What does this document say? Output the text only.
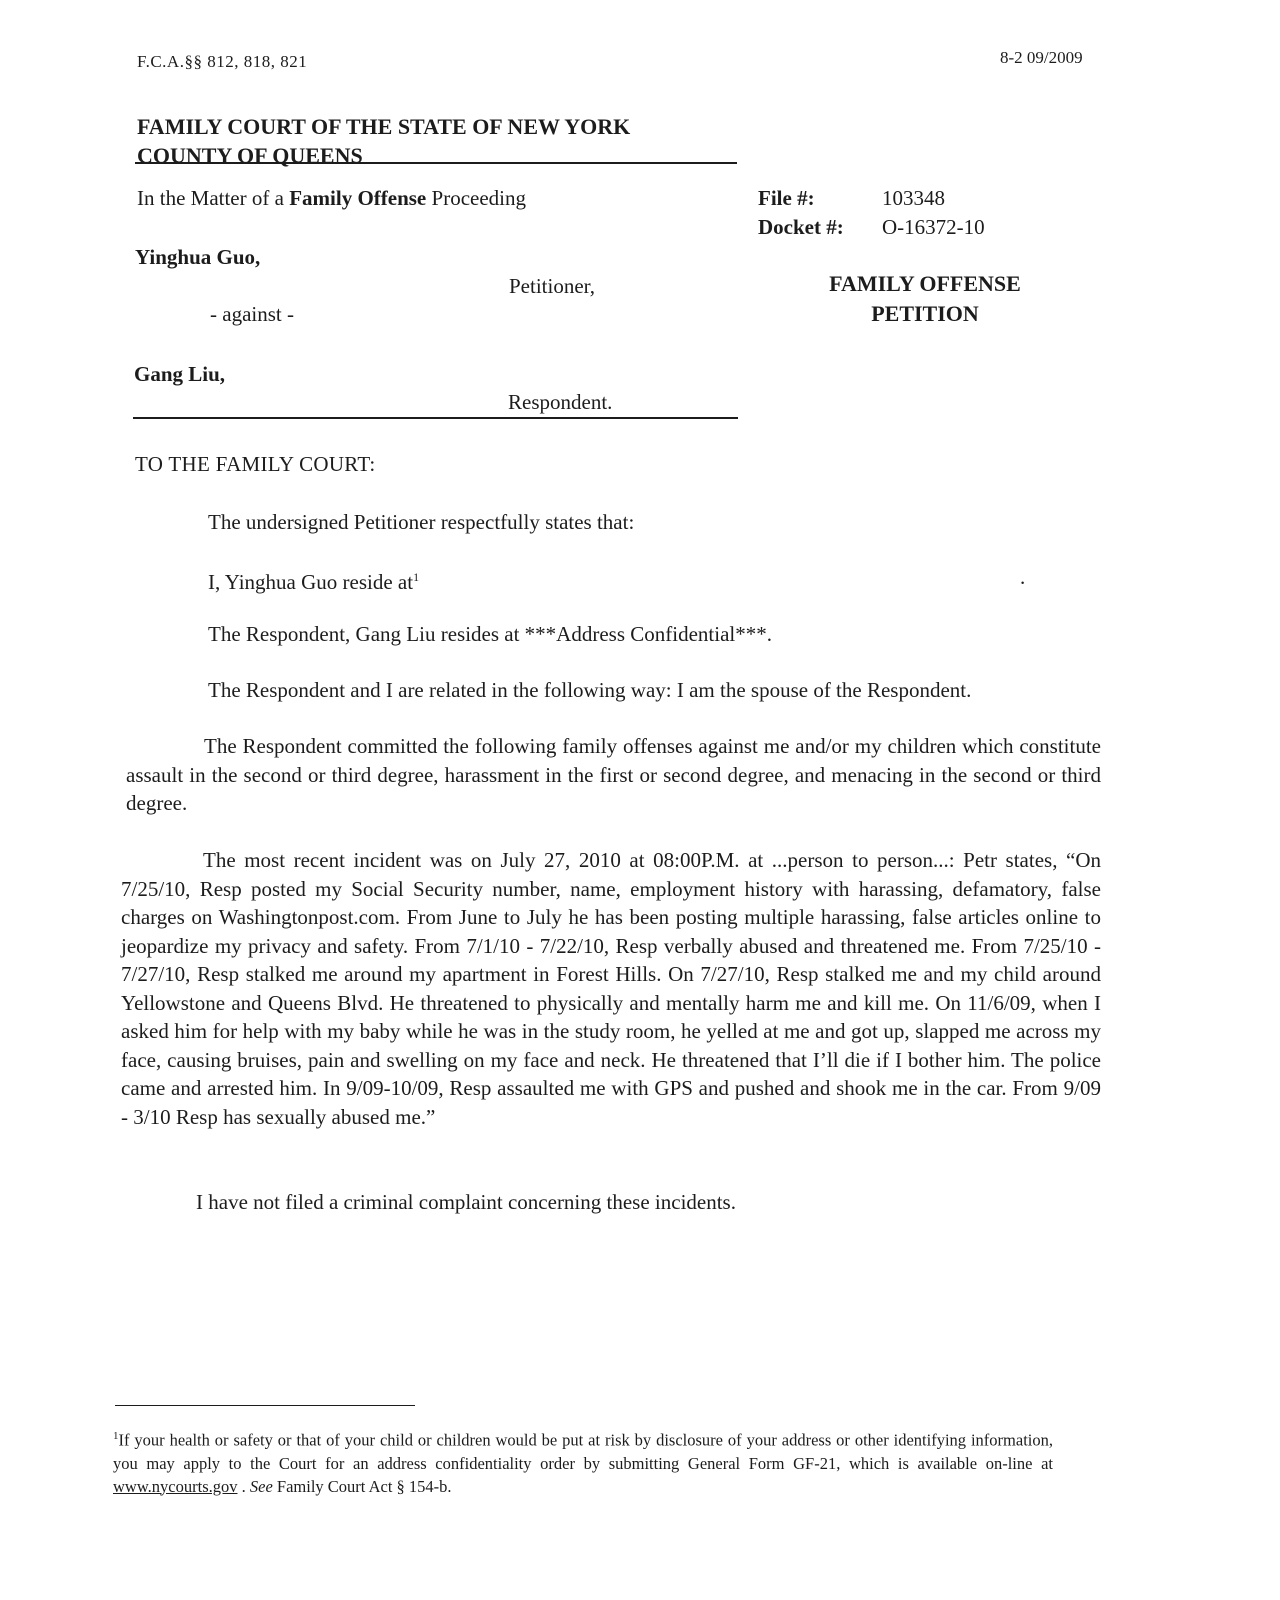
F.C.A.§§ 812, 818, 821	8-2 09/2009
FAMILY COURT OF THE STATE OF NEW YORK
COUNTY OF QUEENS
In the Matter of a Family Offense Proceeding	File #:	103348
Docket #: O-16372-10
Yinghua Guo,
Petitioner,	FAMILY OFFENSE
PETITION
- against -
Gang Liu,
Respondent.
TO THE FAMILY COURT:
The undersigned Petitioner respectfully states that:
I, Yinghua Guo reside $at^1$	.
The Respondent, Gang Liu resides at ***Address Confidential***.
The Respondent and I are related in the following way: I am the spouse of the Respondent.
The Respondent committed the following family offenses against me and/or my children which constitute assault in the second or third degree, harassment in the first or second degree, and menacing in the second or third degree.
The most recent incident was on July 27, 2010 at 08:00P.M. at ...person to person...: Petr states, “On 7/25/10, Resp posted my Social Security number, name, employment history with harassing, defamatory, false charges on Washingtonpost.com. From June to July he has been posting multiple harassing, false articles online to jeopardize my privacy and safety. From 7/1/10 - 7/22/10, Resp verbally abused and threatened me. From 7/25/10 - 7/27/10, Resp stalked me around my apartment in Forest Hills. On 7/27/10, Resp stalked me and my child around Yellowstone and Queens Blvd. He threatened to physically and mentally harm me and kill me. On 11/6/09, when I asked him for help with my baby while he was in the study room, he yelled at me and got up, slapped me across my face, causing bruises, pain and swelling on my face and neck. He threatened that I’ll die if I bother him. The police came and arrested him. In 9/09-10/09, Resp assaulted me with GPS and pushed and shook me in the car. From 9/09 - 3/10 Resp has sexually abused me.”
I have not filed a criminal complaint concerning these incidents.
$^1$If your health or safety or that of your child or children would be put at risk by disclosure of your address or other identifying information, you may apply to the Court for an address confidentiality order by submitting General Form GF-21, which is available on-line at www.nycourts.gov . See Family Court Act § 154-b.
